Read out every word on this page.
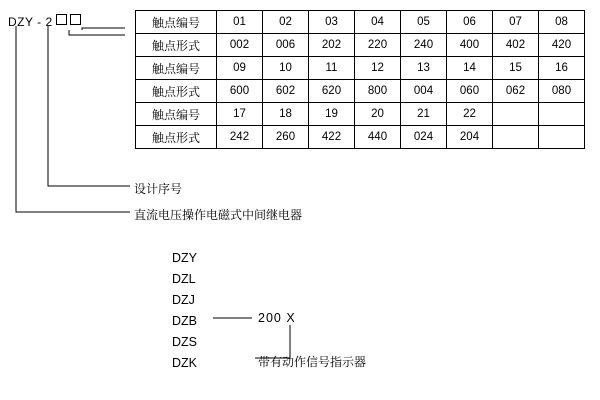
DZY - 2	触点编号	01	02	03	04	05	06	07	08
触点形式	002	006	202	220	240	400	402	420
触点编号	09	10	11	12	13	14	15	16
触点形式	600	602	620	800	004	060	062	080
触点编号	17	18	19	20	21	22		
触点形式	242	260	422	440	024	204		
设计序号
直流电压操作电磁式中间继电器
DZY
DZL
DZJ
DZB
DZS
DZK
200 X
带有动作信号指示器
